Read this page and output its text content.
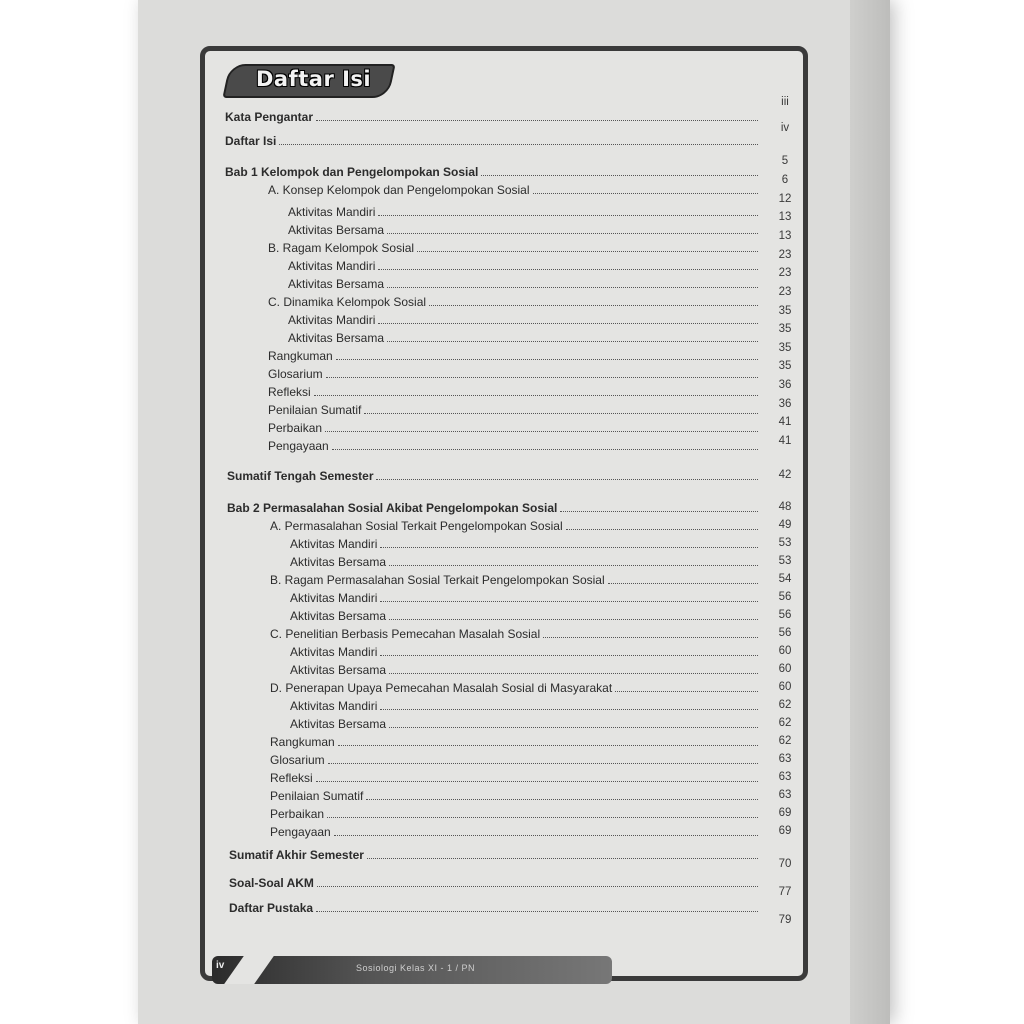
Daftar Isi
Kata Pengantar
Daftar Isi
Bab 1 Kelompok dan Pengelompokan Sosial
A. Konsep Kelompok dan Pengelompokan Sosial
Aktivitas Mandiri
Aktivitas Bersama
B. Ragam Kelompok Sosial
Aktivitas Mandiri
Aktivitas Bersama
C. Dinamika Kelompok Sosial
Aktivitas Mandiri
Aktivitas Bersama
Rangkuman
Glosarium
Refleksi
Penilaian Sumatif
Perbaikan
Pengayaan
Sumatif Tengah Semester
Bab 2 Permasalahan Sosial Akibat Pengelompokan Sosial
A. Permasalahan Sosial Terkait Pengelompokan Sosial
Aktivitas Mandiri
Aktivitas Bersama
B. Ragam Permasalahan Sosial Terkait Pengelompokan Sosial
Aktivitas Mandiri
Aktivitas Bersama
C. Penelitian Berbasis Pemecahan Masalah Sosial
Aktivitas Mandiri
Aktivitas Bersama
D. Penerapan Upaya Pemecahan Masalah Sosial di Masyarakat
Aktivitas Mandiri
Aktivitas Bersama
Rangkuman
Glosarium
Refleksi
Penilaian Sumatif
Perbaikan
Pengayaan
Sumatif Akhir Semester
Soal-Soal AKM
Daftar Pustaka
iii
iv
5
6
12
13
13
23
23
23
35
35
35
35
36
36
41
41
42
48
49
53
53
54
56
56
56
60
60
60
62
62
62
63
63
63
69
69
70
77
79
iv	Sosiologi Kelas XI - 1 / PN
